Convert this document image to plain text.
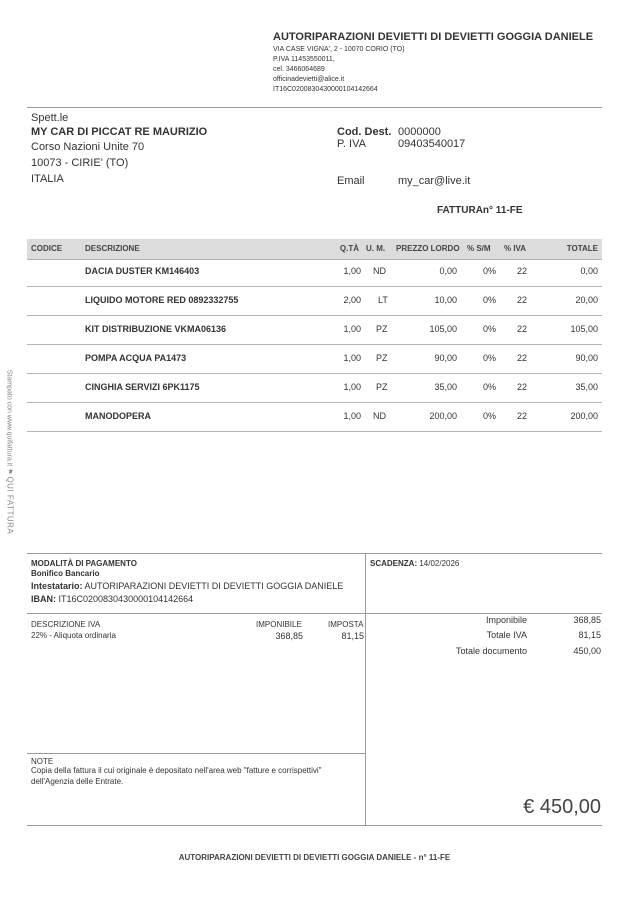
AUTORIPARAZIONI DEVIETTI DI DEVIETTI GOGGIA DANIELE
VIA CASE VIGNA', 2 - 10070 CORIO (TO)
P.IVA 11453550011,
cel. 3466064689
officinadevietti@alice.it
IT16C0200830430000104142664
Spett.le
MY CAR DI PICCAT RE MAURIZIO
Corso Nazioni Unite 70
10073 - CIRIE' (TO)
ITALIA
Cod. Dest. 0000000
P. IVA	09403540017
Email	my_car@live.it
FATTURAn° 11-FE
CODICE	DESCRIZIONE	Q.TÀ U. M. PREZZO LORDO % S/M % IVA	TOTALE
DACIA DUSTER KM146403	1,00 ND	0,00	0% 22	0,00
LIQUIDO MOTORE RED 0892332755	2,00 LT	10,00	0% 22	20,00
KIT DISTRIBUZIONE VKMA06136	1,00 PZ	105,00	0% 22	105,00
POMPA ACQUA PA1473	1,00 PZ	90,00	0% 22	90,00
CINGHIA SERVIZI 6PK1175	1,00 PZ	35,00	0% 22	35,00
MANODOPERA	1,00 ND	200,00	0% 22	200,00
Stampato con www.quifattura.it ⚑ QUI FATTURA
MODALITÀ DI PAGAMENTO
Bonifico Bancario
Intestatario: AUTORIPARAZIONI DEVIETTI DI DEVIETTI GOGGIA DANIELE
IBAN: IT16C0200830430000104142664
SCADENZA: 14/02/2026
DESCRIZIONE IVA	IMPONIBILE	IMPOSTA
22% - Aliquota ordinaria	368,85	81,15
Imponibile	368,85
Totale IVA	81,15
Totale documento	450,00
NOTE
Copia della fattura il cui originale è depositato nell'area web "fatture e corrispettivi"
dell'Agenzia delle Entrate.
€ 450,00
AUTORIPARAZIONI DEVIETTI DI DEVIETTI GOGGIA DANIELE - n° 11-FE
